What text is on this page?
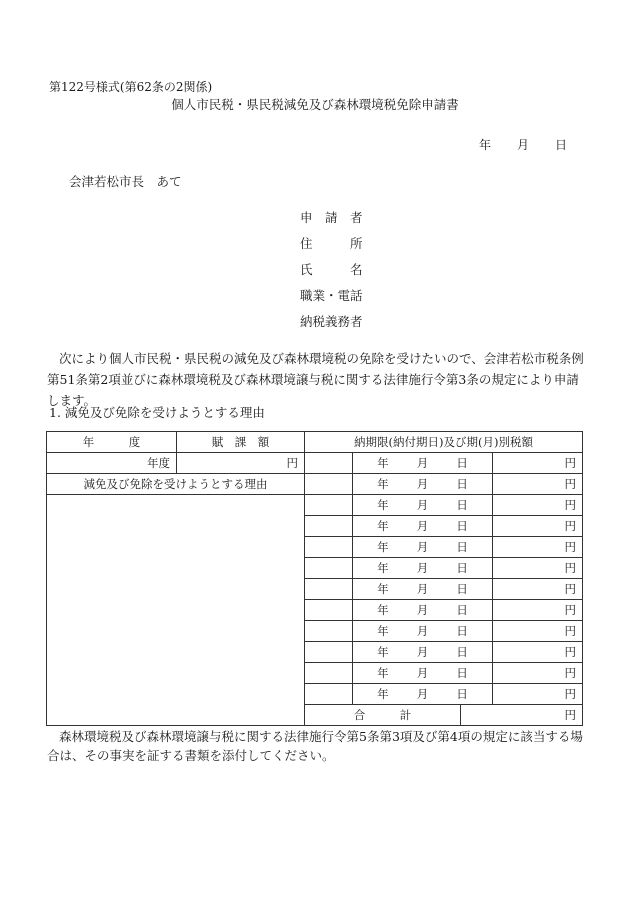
第122号様式(第62条の2関係)
個人市民税・県民税減免及び森林環境税免除申請書
年 月 日
会津若松市長　あて
申　請　者
住　　　所
氏　　　名
職業・電話
納税義務者
次により個人市民税・県民税の減免及び森林環境税の免除を受けたいので、会津若松市税条例第51条第2項並びに森林環境税及び森林環境譲与税に関する法律施行令第3条の規定により申請します。
1. 減免及び免除を受けようとする理由
年　　　度	賦　課　額	納期限(納付期日)及び期(月)別税額			
年度	円		年 月 日		円
減免及び免除を受けようとする理由			年 月 日		円

			年 月 日		円

			年 月 日		円

			年 月 日		円

			年 月 日		円

			年 月 日		円

			年 月 日		円

			年 月 日		円

			年 月 日		円

			年 月 日		円

			年 月 日		円
		合　　　計		円	
森林環境税及び森林環境譲与税に関する法律施行令第5条第3項及び第4項の規定に該当する場合は、その事実を証する書類を添付してください。
